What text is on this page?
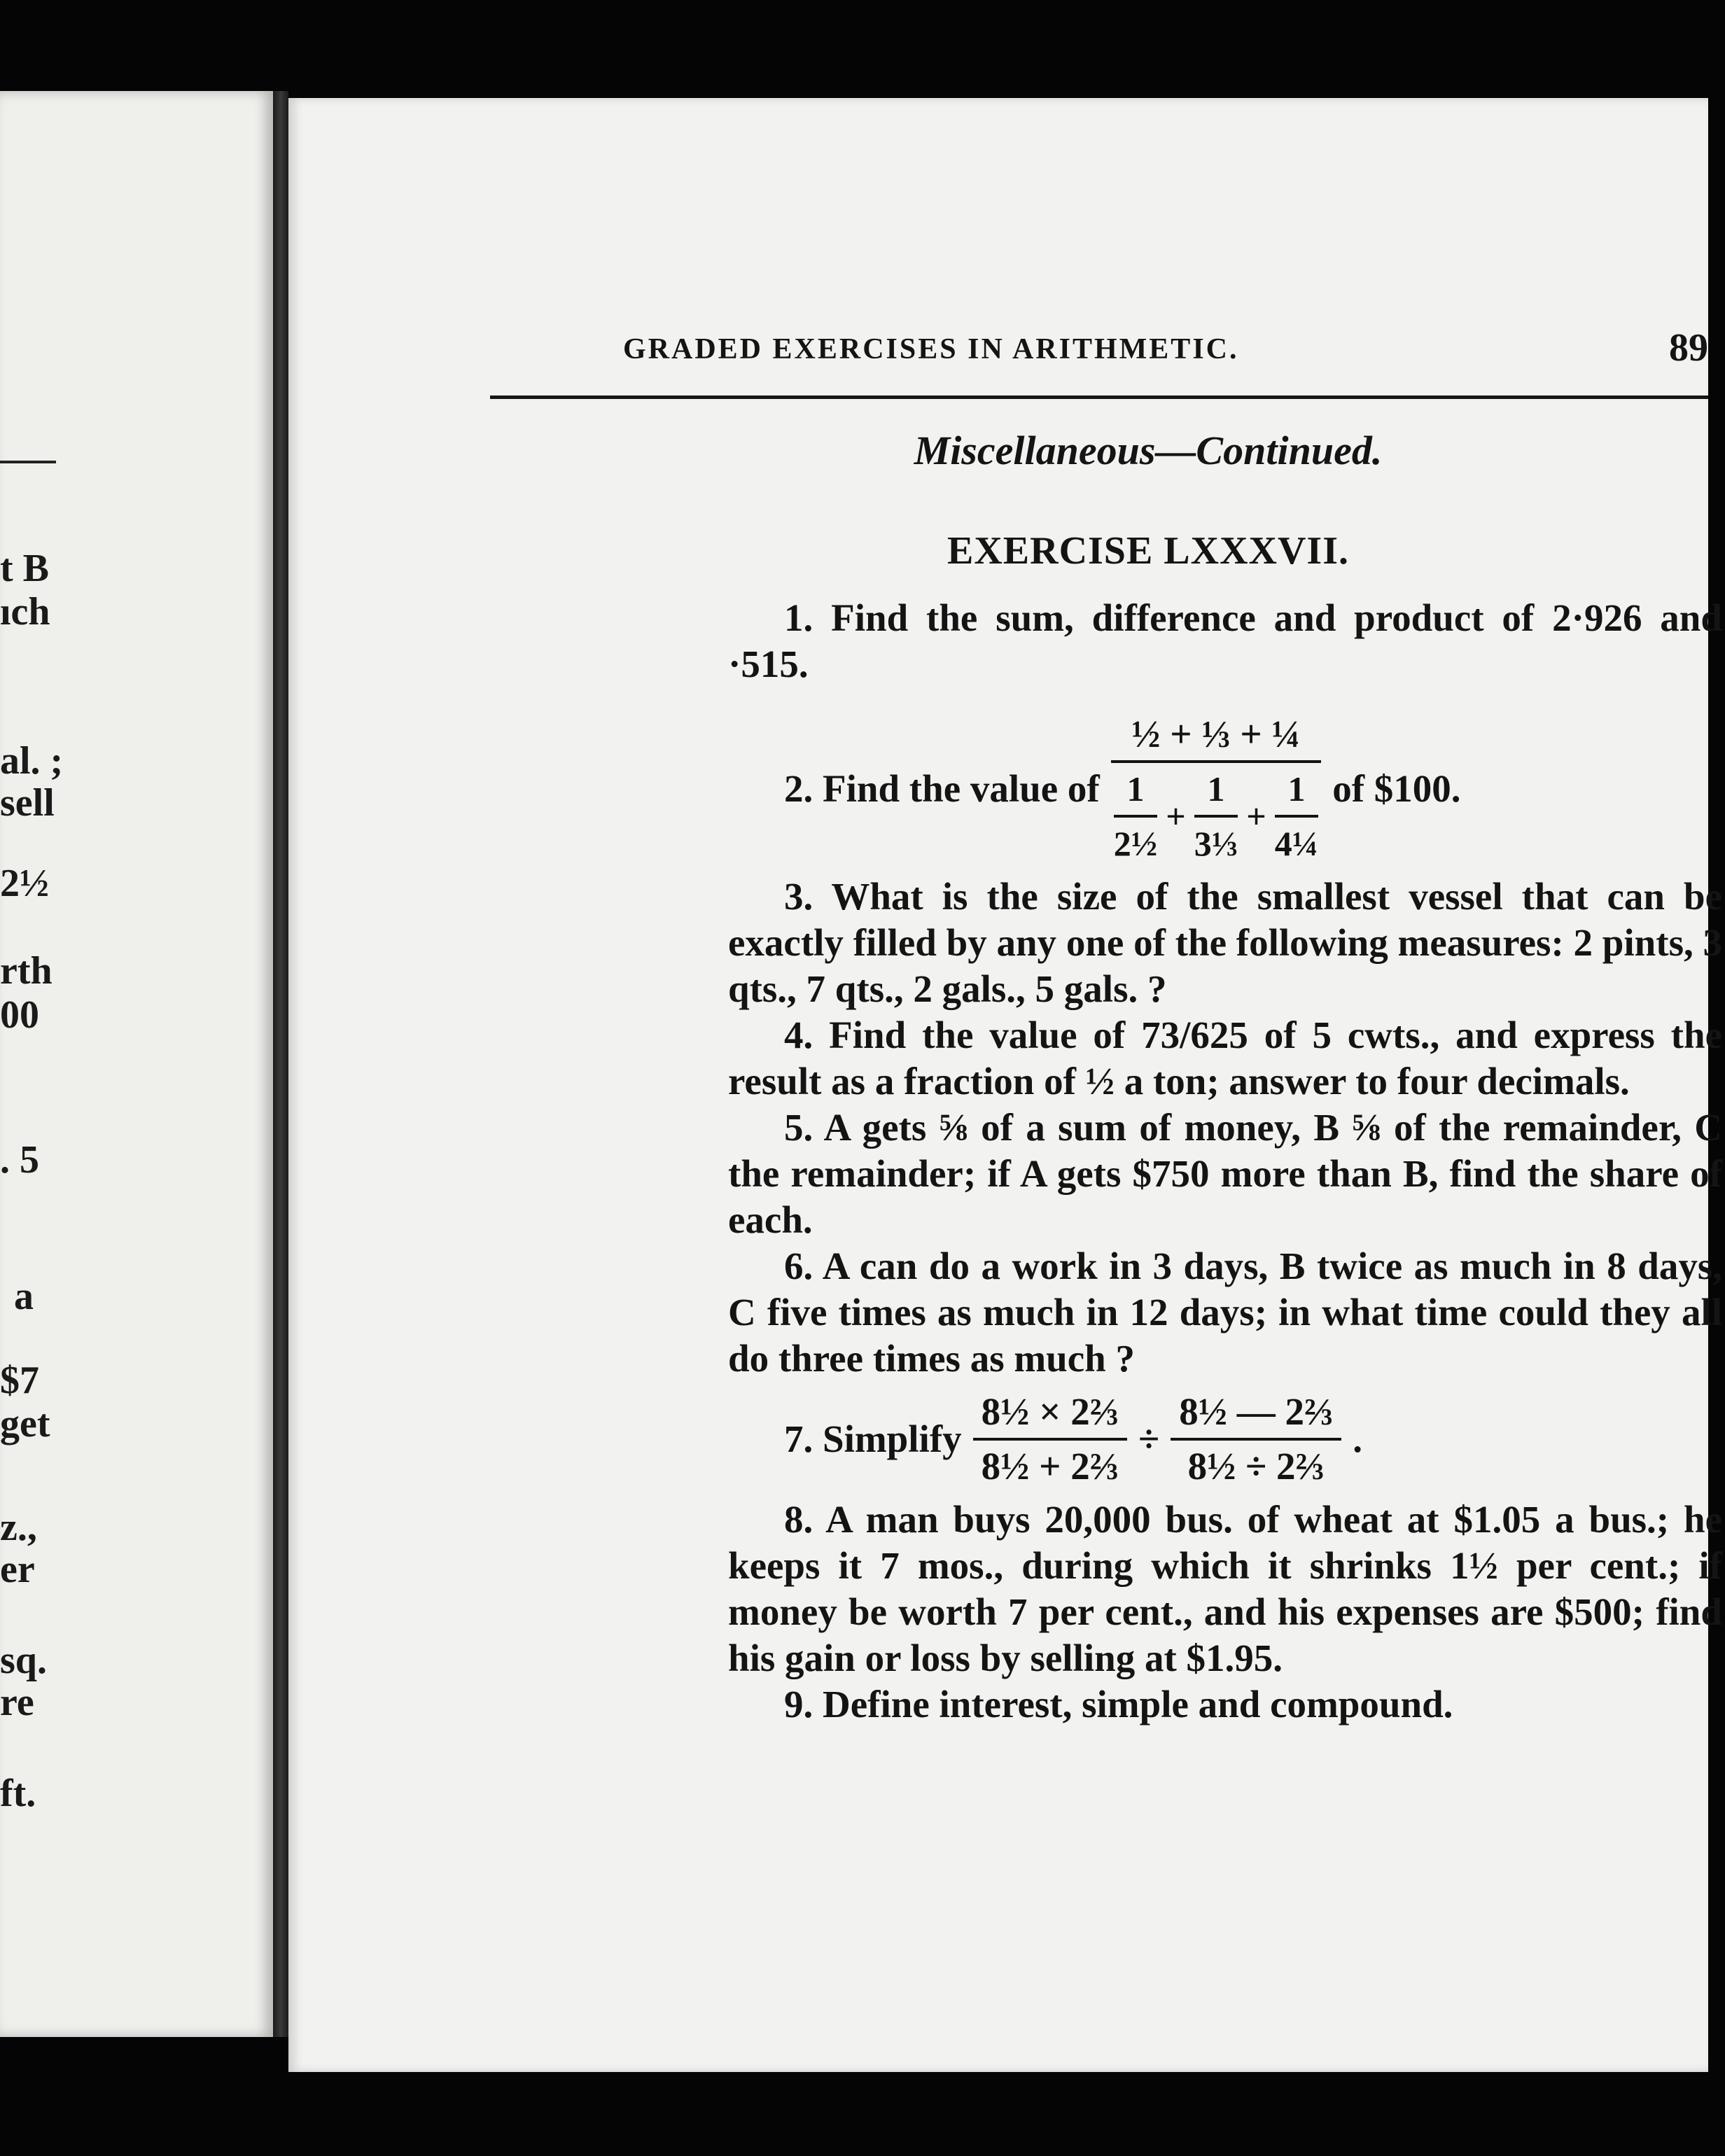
t B
ıch
al. ;
sell
2½
rth
00
. 5
a
$7
get
z.,
er
sq.
re
ft.
GRADED EXERCISES IN ARITHMETIC.	89
Miscellaneous—Continued.
EXERCISE LXXXVII.

1. Find the sum, difference and product of 2·926 and ·515.

2. Find the value of
½ + ⅓ + ¼
$\frac{1}{\text{2½}} + \frac{1}{\text{3⅓}} + \frac{1}{\text{4¼}}$ of $100.

3. What is the size of the smallest vessel that can be exactly filled by any one of the following measures: 2 pints, 3 qts., 7 qts., 2 gals., 5 gals. ?

4. Find the value of 73/625 of 5 cwts., and express the result as a fraction of ½ a ton; answer to four decimals.

5. A gets ⅝ of a sum of money, B ⅝ of the remainder, C the remainder; if A gets $750 more than B, find the share of each.

6. A can do a work in 3 days, B twice as much in 8 days, C five times as much in 12 days; in what time could they all do three times as much ?

7. Simplify $\frac{\text{8½ × 2⅔}}{\text{8½ + 2⅔}} \div \frac{\text{8½ — 2⅔}}{\text{8½ ÷ 2⅔}}$ .

8. A man buys 20,000 bus. of wheat at $1.05 a bus.; he keeps it 7 mos., during which it shrinks 1½ per cent.; if money be worth 7 per cent., and his expenses are $500; find his gain or loss by selling at $1.95.

9. Define interest, simple and compound.
